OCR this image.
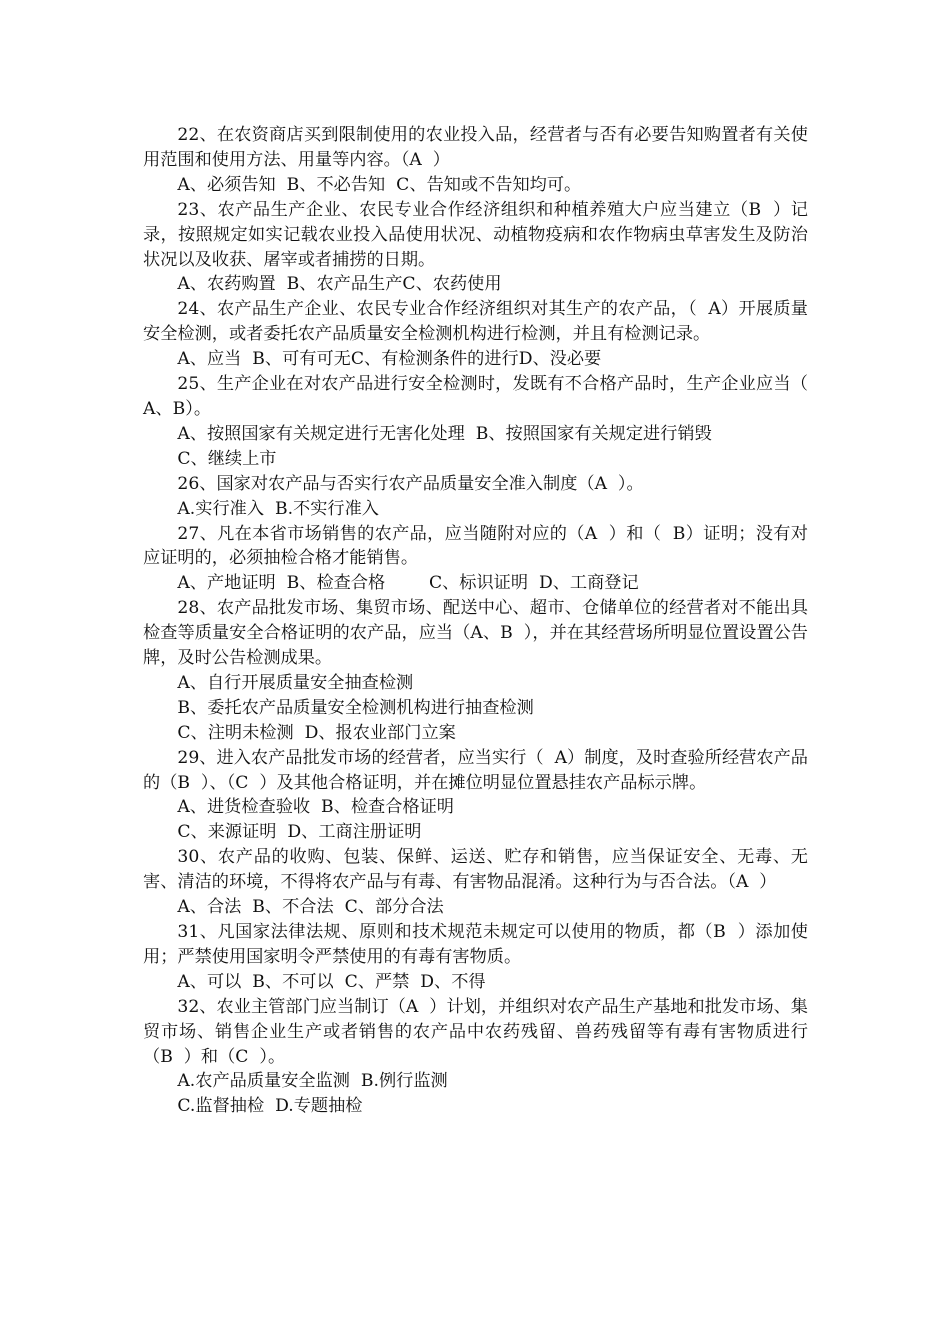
22、在农资商店买到限制使用的农业投入品，经营者与否有必要告知购置者有关使用范围和使用方法、用量等内容。（A  ）

A、必须告知  B、不必告知  C、告知或不告知均可。

23、农产品生产企业、农民专业合作经济组织和种植养殖大户应当建立（B  ）记录，按照规定如实记载农业投入品使用状况、动植物疫病和农作物病虫草害发生及防治状况以及收获、屠宰或者捕捞的日期。

A、农药购置  B、农产品生产C、农药使用

24、农产品生产企业、农民专业合作经济组织对其生产的农产品，（  A）开展质量安全检测，或者委托农产品质量安全检测机构进行检测，并且有检测记录。

A、应当  B、可有可无C、有检测条件的进行D、没必要

25、生产企业在对农产品进行安全检测时，发既有不合格产品时，生产企业应当（  A、B）。

A、按照国家有关规定进行无害化处理  B、按照国家有关规定进行销毁

C、继续上市

26、国家对农产品与否实行农产品质量安全准入制度（A  ）。

A.实行准入  B.不实行准入

27、凡在本省市场销售的农产品，应当随附对应的（A  ）和（  B）证明；没有对应证明的，必须抽检合格才能销售。

A、产地证明  B、检查合格        C、标识证明  D、工商登记

28、农产品批发市场、集贸市场、配送中心、超市、仓储单位的经营者对不能出具检查等质量安全合格证明的农产品，应当（A、B  ），并在其经营场所明显位置设置公告牌，及时公告检测成果。

A、自行开展质量安全抽查检测

B、委托农产品质量安全检测机构进行抽查检测

C、注明未检测  D、报农业部门立案

29、进入农产品批发市场的经营者，应当实行（  A）制度，及时查验所经营农产品的（B  ）、（C  ）及其他合格证明，并在摊位明显位置悬挂农产品标示牌。

A、进货检查验收  B、检查合格证明

C、来源证明  D、工商注册证明

30、农产品的收购、包装、保鲜、运送、贮存和销售，应当保证安全、无毒、无害、清洁的环境，不得将农产品与有毒、有害物品混淆。这种行为与否合法。（A  ）

A、合法  B、不合法  C、部分合法

31、凡国家法律法规、原则和技术规范未规定可以使用的物质，都（B  ）添加使用；严禁使用国家明令严禁使用的有毒有害物质。

A、可以  B、不可以  C、严禁  D、不得

32、农业主管部门应当制订（A  ）计划，并组织对农产品生产基地和批发市场、集贸市场、销售企业生产或者销售的农产品中农药残留、兽药残留等有毒有害物质进行（B  ）和（C  ）。

A.农产品质量安全监测  B.例行监测

C.监督抽检  D.专题抽检
